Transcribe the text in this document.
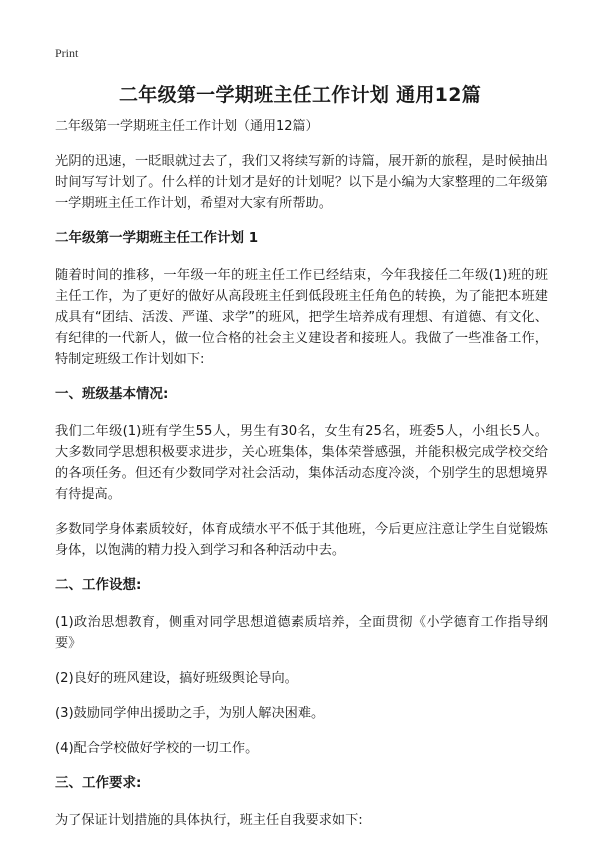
Print
二年级第一学期班主任工作计划 通用12篇
二年级第一学期班主任工作计划（通用12篇）

光阴的迅速，一眨眼就过去了，我们又将续写新的诗篇，展开新的旅程，是时候抽出时间写写计划了。什么样的计划才是好的计划呢？以下是小编为大家整理的二年级第一学期班主任工作计划，希望对大家有所帮助。

二年级第一学期班主任工作计划 1

随着时间的推移，一年级一年的班主任工作已经结束，今年我接任二年级(1)班的班主任工作，为了更好的做好从高段班主任到低段班主任角色的转换，为了能把本班建成具有“团结、活泼、严谨、求学”的班风，把学生培养成有理想、有道德、有文化、有纪律的一代新人，做一位合格的社会主义建设者和接班人。我做了一些准备工作，特制定班级工作计划如下:

一、班级基本情况:

我们二年级(1)班有学生55人，男生有30名，女生有25名，班委5人，小组长5人。大多数同学思想积极要求进步，关心班集体，集体荣誉感强，并能积极完成学校交给的各项任务。但还有少数同学对社会活动，集体活动态度冷淡，个别学生的思想境界有待提高。

多数同学身体素质较好，体育成绩水平不低于其他班，今后更应注意让学生自觉锻炼身体，以饱满的精力投入到学习和各种活动中去。

二、工作设想:

(1)政治思想教育，侧重对同学思想道德素质培养，全面贯彻《小学德育工作指导纲要》

(2)良好的班风建设，搞好班级舆论导向。

(3)鼓励同学伸出援助之手，为别人解决困难。

(4)配合学校做好学校的一切工作。

三、工作要求:

为了保证计划措施的具体执行，班主任自我要求如下:
